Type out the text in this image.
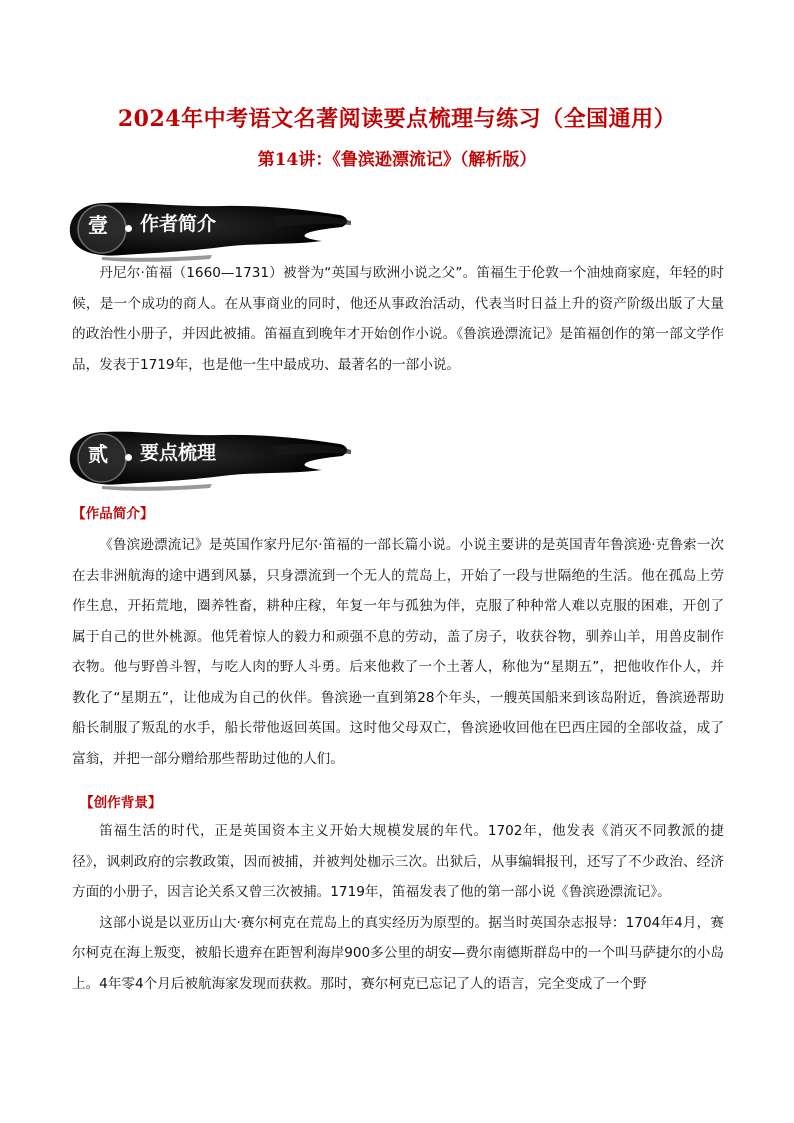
2024年中考语文名著阅读要点梳理与练习（全国通用）
第14讲：《鲁滨逊漂流记》（解析版）
壹 作者简介

丹尼尔·笛福（1660—1731）被誉为“英国与欧洲小说之父”。笛福生于伦敦一个油烛商家庭，年轻的时候，是一个成功的商人。在从事商业的同时，他还从事政治活动，代表当时日益上升的资产阶级出版了大量的政治性小册子，并因此被捕。笛福直到晚年才开始创作小说。《鲁滨逊漂流记》是笛福创作的第一部文学作品，发表于1719年，也是他一生中最成功、最著名的一部小说。

贰 要点梳理
【作品简介】

《鲁滨逊漂流记》是英国作家丹尼尔·笛福的一部长篇小说。小说主要讲的是英国青年鲁滨逊·克鲁索一次在去非洲航海的途中遇到风暴，只身漂流到一个无人的荒岛上，开始了一段与世隔绝的生活。他在孤岛上劳作生息，开拓荒地，圈养牲畜，耕种庄稼，年复一年与孤独为伴，克服了种种常人难以克服的困难，开创了属于自己的世外桃源。他凭着惊人的毅力和顽强不息的劳动，盖了房子，收获谷物，驯养山羊，用兽皮制作衣物。他与野兽斗智，与吃人肉的野人斗勇。后来他救了一个土著人，称他为“星期五”，把他收作仆人，并教化了“星期五”，让他成为自己的伙伴。鲁滨逊一直到第28个年头，一艘英国船来到该岛附近，鲁滨逊帮助船长制服了叛乱的水手，船长带他返回英国。这时他父母双亡，鲁滨逊收回他在巴西庄园的全部收益，成了富翁，并把一部分赠给那些帮助过他的人们。

【创作背景】

笛福生活的时代，正是英国资本主义开始大规模发展的年代。1702年，他发表《消灭不同教派的捷径》，讽刺政府的宗教政策，因而被捕，并被判处枷示三次。出狱后，从事编辑报刊，还写了不少政治、经济方面的小册子，因言论关系又曾三次被捕。1719年，笛福发表了他的第一部小说《鲁滨逊漂流记》。

这部小说是以亚历山大·赛尔柯克在荒岛上的真实经历为原型的。据当时英国杂志报导：1704年4月，赛尔柯克在海上叛变，被船长遗弃在距智利海岸900多公里的胡安—费尔南德斯群岛中的一个叫马萨捷尔的小岛上。4年零4个月后被航海家发现而获救。那时，赛尔柯克已忘记了人的语言，完全变成了一个野
